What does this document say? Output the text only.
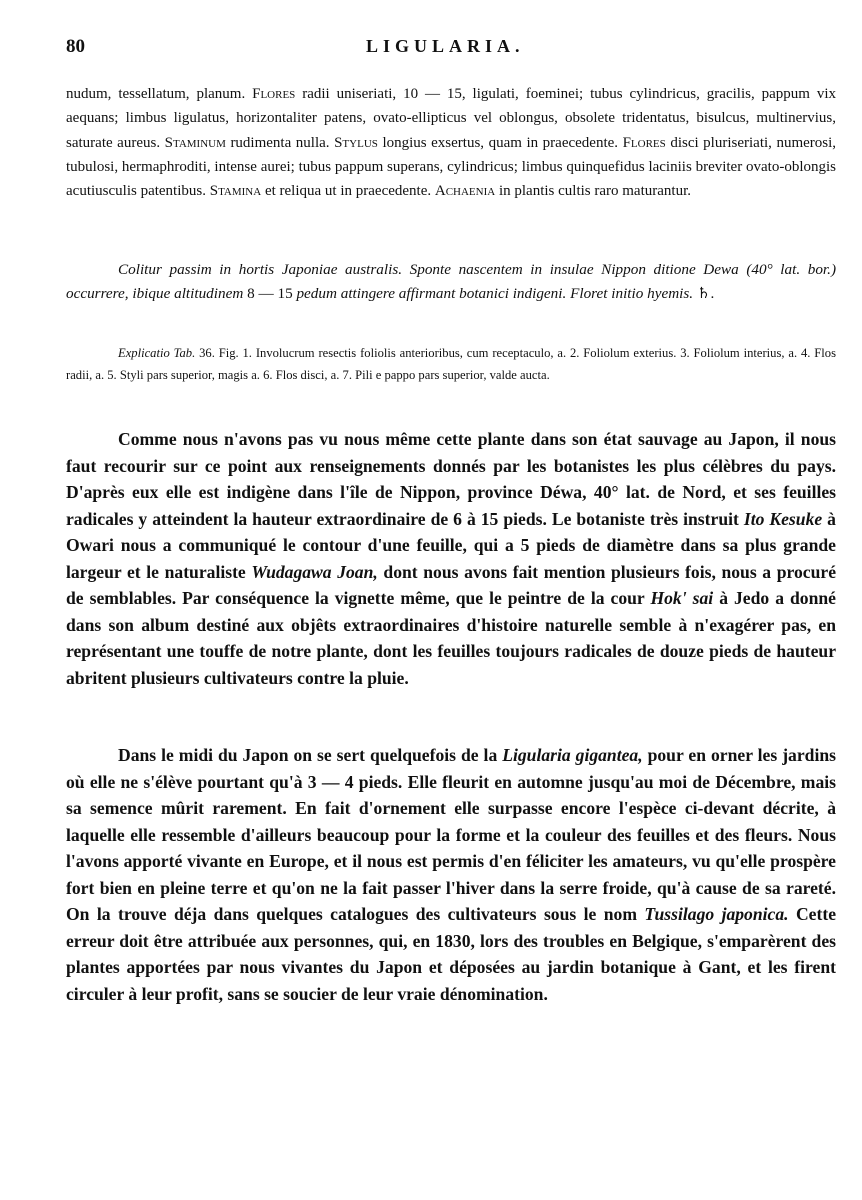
80	LIGULARIA.

nudum, tessellatum, planum. Flores radii uniseriati, 10 — 15, ligulati, foeminei; tubus cylindricus, gracilis, pappum vix aequans; limbus ligulatus, horizontaliter patens, ovato-ellipticus vel oblongus, obsolete tridentatus, bisulcus, multinervius, saturate aureus. Staminum rudimenta nulla. Stylus longius exsertus, quam in praecedente. Flores disci pluriseriati, numerosi, tubulosi, hermaphroditi, intense aurei; tubus pappum superans, cylindricus; limbus quinquefidus laciniis breviter ovato-oblongis acutiusculis patentibus. Stamina et reliqua ut in praecedente. Achaenia in plantis cultis raro maturantur.

Colitur passim in hortis Japoniae australis. Sponte nascentem in insulae Nippon ditione Dewa (40° lat. bor.) occurrere, ibique altitudinem 8 — 15 pedum attingere affirmant botanici indigeni. Floret initio hyemis. ♄.

Explicatio Tab. 36. Fig. 1. Involucrum resectis foliolis anterioribus, cum receptaculo, a. 2. Foliolum exterius. 3. Foliolum interius, a. 4. Flos radii, a. 5. Styli pars superior, magis a. 6. Flos disci, a. 7. Pili e pappo pars superior, valde aucta.

Comme nous n'avons pas vu nous même cette plante dans son état sauvage au Japon, il nous faut recourir sur ce point aux renseignements donnés par les botanistes les plus célèbres du pays. D'après eux elle est indigène dans l'île de Nippon, province Déwa, 40° lat. de Nord, et ses feuilles radicales y atteindent la hauteur extraordinaire de 6 à 15 pieds. Le botaniste très instruit Ito Kesuke à Owari nous a communiqué le contour d'une feuille, qui a 5 pieds de diamètre dans sa plus grande largeur et le naturaliste Wudagawa Joan, dont nous avons fait mention plusieurs fois, nous a procuré de semblables. Par conséquence la vignette même, que le peintre de la cour Hok' sai à Jedo a donné dans son album destiné aux objêts extraordinaires d'histoire naturelle semble à n'exagérer pas, en représentant une touffe de notre plante, dont les feuilles toujours radicales de douze pieds de hauteur abritent plusieurs cultivateurs contre la pluie.

Dans le midi du Japon on se sert quelquefois de la Ligularia gigantea, pour en orner les jardins où elle ne s'élève pourtant qu'à 3 — 4 pieds. Elle fleurit en automne jusqu'au moi de Décembre, mais sa semence mûrit rarement. En fait d'ornement elle surpasse encore l'espèce ci-devant décrite, à laquelle elle ressemble d'ailleurs beaucoup pour la forme et la couleur des feuilles et des fleurs. Nous l'avons apporté vivante en Europe, et il nous est permis d'en féliciter les amateurs, vu qu'elle prospère fort bien en pleine terre et qu'on ne la fait passer l'hiver dans la serre froide, qu'à cause de sa rareté. On la trouve déja dans quelques catalogues des cultivateurs sous le nom Tussilago japonica. Cette erreur doit être attribuée aux personnes, qui, en 1830, lors des troubles en Belgique, s'emparèrent des plantes apportées par nous vivantes du Japon et déposées au jardin botanique à Gant, et les firent circuler à leur profit, sans se soucier de leur vraie dénomination.
